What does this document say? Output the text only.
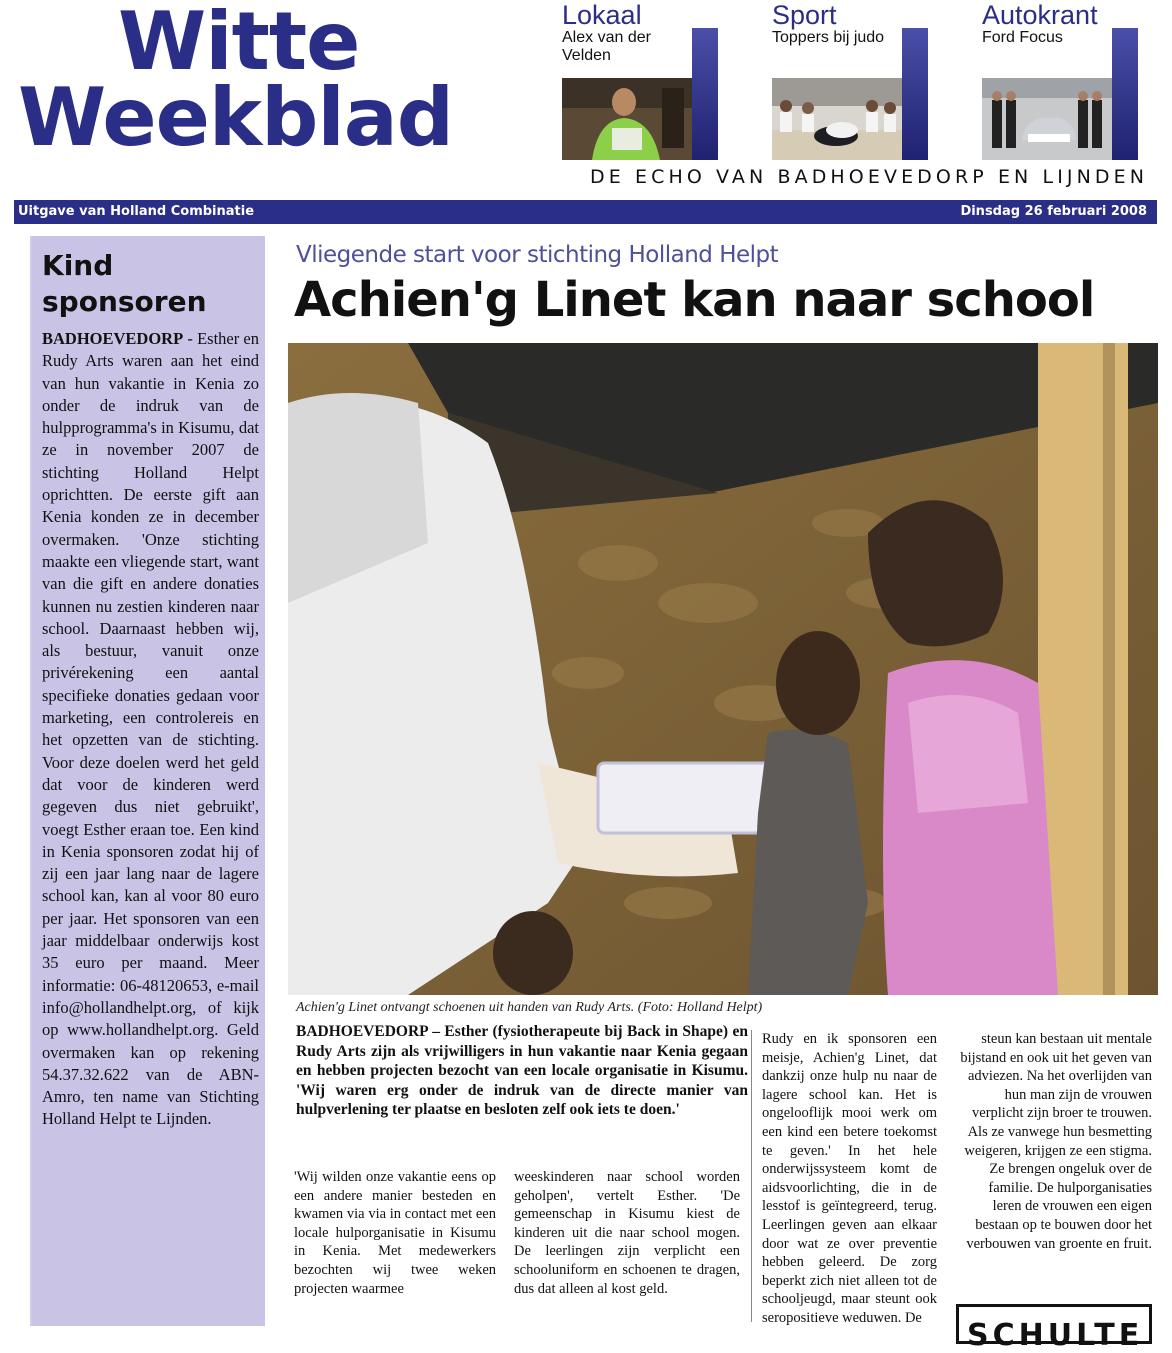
Witte
Weekblad
Lokaal
Alex van der Velden
Sport
Toppers bij judo
Autokrant
Ford Focus
DE ECHO VAN BADHOEVEDORP EN LIJNDEN
Uitgave van Holland Combinatie	Dinsdag 26 februari 2008
Kind sponsoren
BADHOEVEDORP - Esther en Rudy Arts waren aan het eind van hun vakantie in Kenia zo onder de indruk van de hulpprogramma's in Kisumu, dat ze in november 2007 de stichting Holland Helpt oprichtten. De eerste gift aan Kenia konden ze in december overmaken. 'Onze stichting maakte een vliegende start, want van die gift en andere donaties kunnen nu zestien kinderen naar school. Daarnaast hebben wij, als bestuur, vanuit onze privérekening een aantal specifieke donaties gedaan voor marketing, een controlereis en het opzetten van de stichting. Voor deze doelen werd het geld dat voor de kinderen werd gegeven dus niet gebruikt', voegt Esther eraan toe. Een kind in Kenia sponsoren zodat hij of zij een jaar lang naar de lagere school kan, kan al voor 80 euro per jaar. Het sponsoren van een jaar middelbaar onderwijs kost 35 euro per maand. Meer informatie: 06-48120653, e-mail info@hollandhelpt.org, of kijk op www.hollandhelpt.org. Geld overmaken kan op rekening 54.37.32.622 van de ABN-Amro, ten name van Stichting Holland Helpt te Lijnden.
Vliegende start voor stichting Holland Helpt
Achien'g Linet kan naar school
Achien'g Linet ontvangt schoenen uit handen van Rudy Arts. (Foto: Holland Helpt)
BADHOEVEDORP – Esther (fysiotherapeute bij Back in Shape) en Rudy Arts zijn als vrijwilligers in hun vakantie naar Kenia gegaan en hebben projecten bezocht van een locale organisatie in Kisumu. 'Wij waren erg onder de indruk van de directe manier van hulpverlening ter plaatse en besloten zelf ook iets te doen.'
Rudy en ik sponsoren een meisje, Achien'g Linet, dat dankzij onze hulp nu naar de lagere school kan. Het is ongelooflijk mooi werk om een kind een betere toekomst te geven.' In het hele onderwijssysteem komt de aidsvoorlichting, die in de lesstof is geïntegreerd, terug. Leerlingen geven aan elkaar door wat ze over preventie hebben geleerd. De zorg beperkt zich niet alleen tot de schooljeugd, maar steunt ook seropositieve weduwen. De
steun kan bestaan uit mentale bijstand en ook uit het geven van adviezen. Na het overlijden van hun man zijn de vrouwen verplicht zijn broer te trouwen. Als ze vanwege hun besmetting weigeren, krijgen ze een stigma. Ze brengen ongeluk over de familie. De hulporganisaties leren de vrouwen een eigen bestaan op te bouwen door het verbouwen van groente en fruit.
'Wij wilden onze vakantie eens op een andere manier besteden en kwamen via via in contact met een locale hulporganisatie in Kisumu in Kenia. Met medewerkers bezochten wij twee weken projecten waarmee
weeskinderen naar school worden geholpen', vertelt Esther. 'De gemeenschap in Kisumu kiest de kinderen uit die naar school mogen. De leerlingen zijn verplicht een schooluniform en schoenen te dragen, dus dat alleen al kost geld.
SCHULTE
